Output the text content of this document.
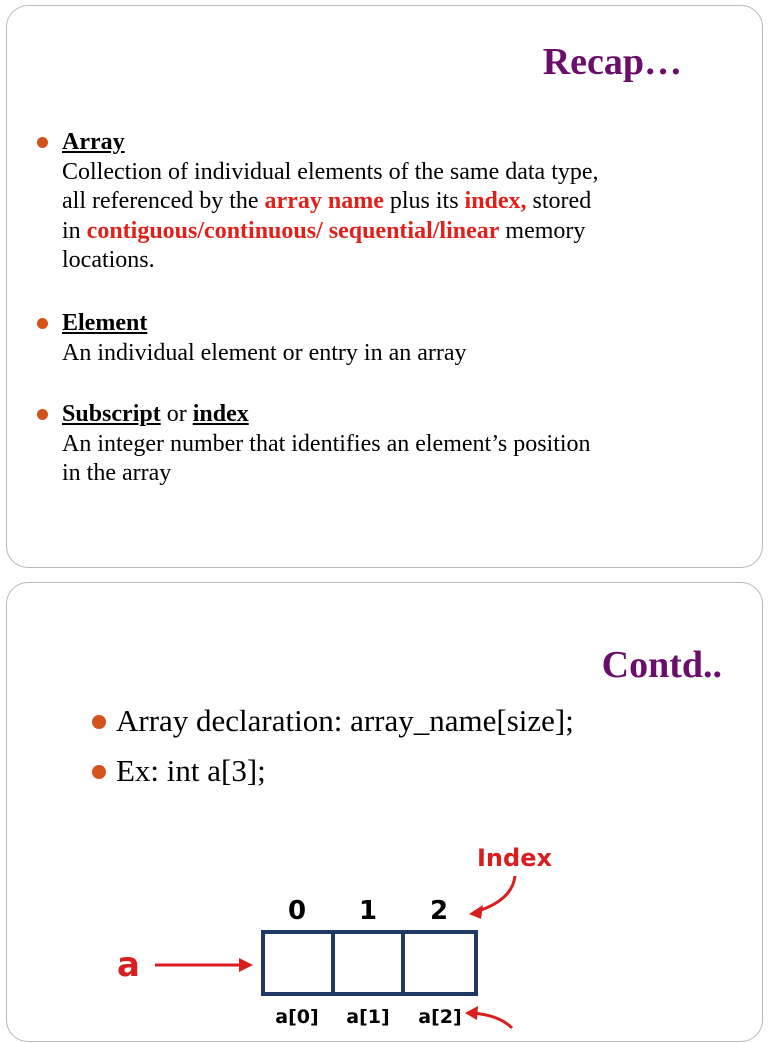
Recap…
Array
Collection of individual elements of the same data type,
all referenced by the array name plus its index, stored
in contiguous/continuous/ sequential/linear memory
locations.
Element
An individual element or entry in an array
Subscript or index
An integer number that identifies an element’s position
in the array
Contd..
Array declaration: array_name[size];
Ex: int a[3];
Index
0 1 2
a
a[0] a[1] a[2]
